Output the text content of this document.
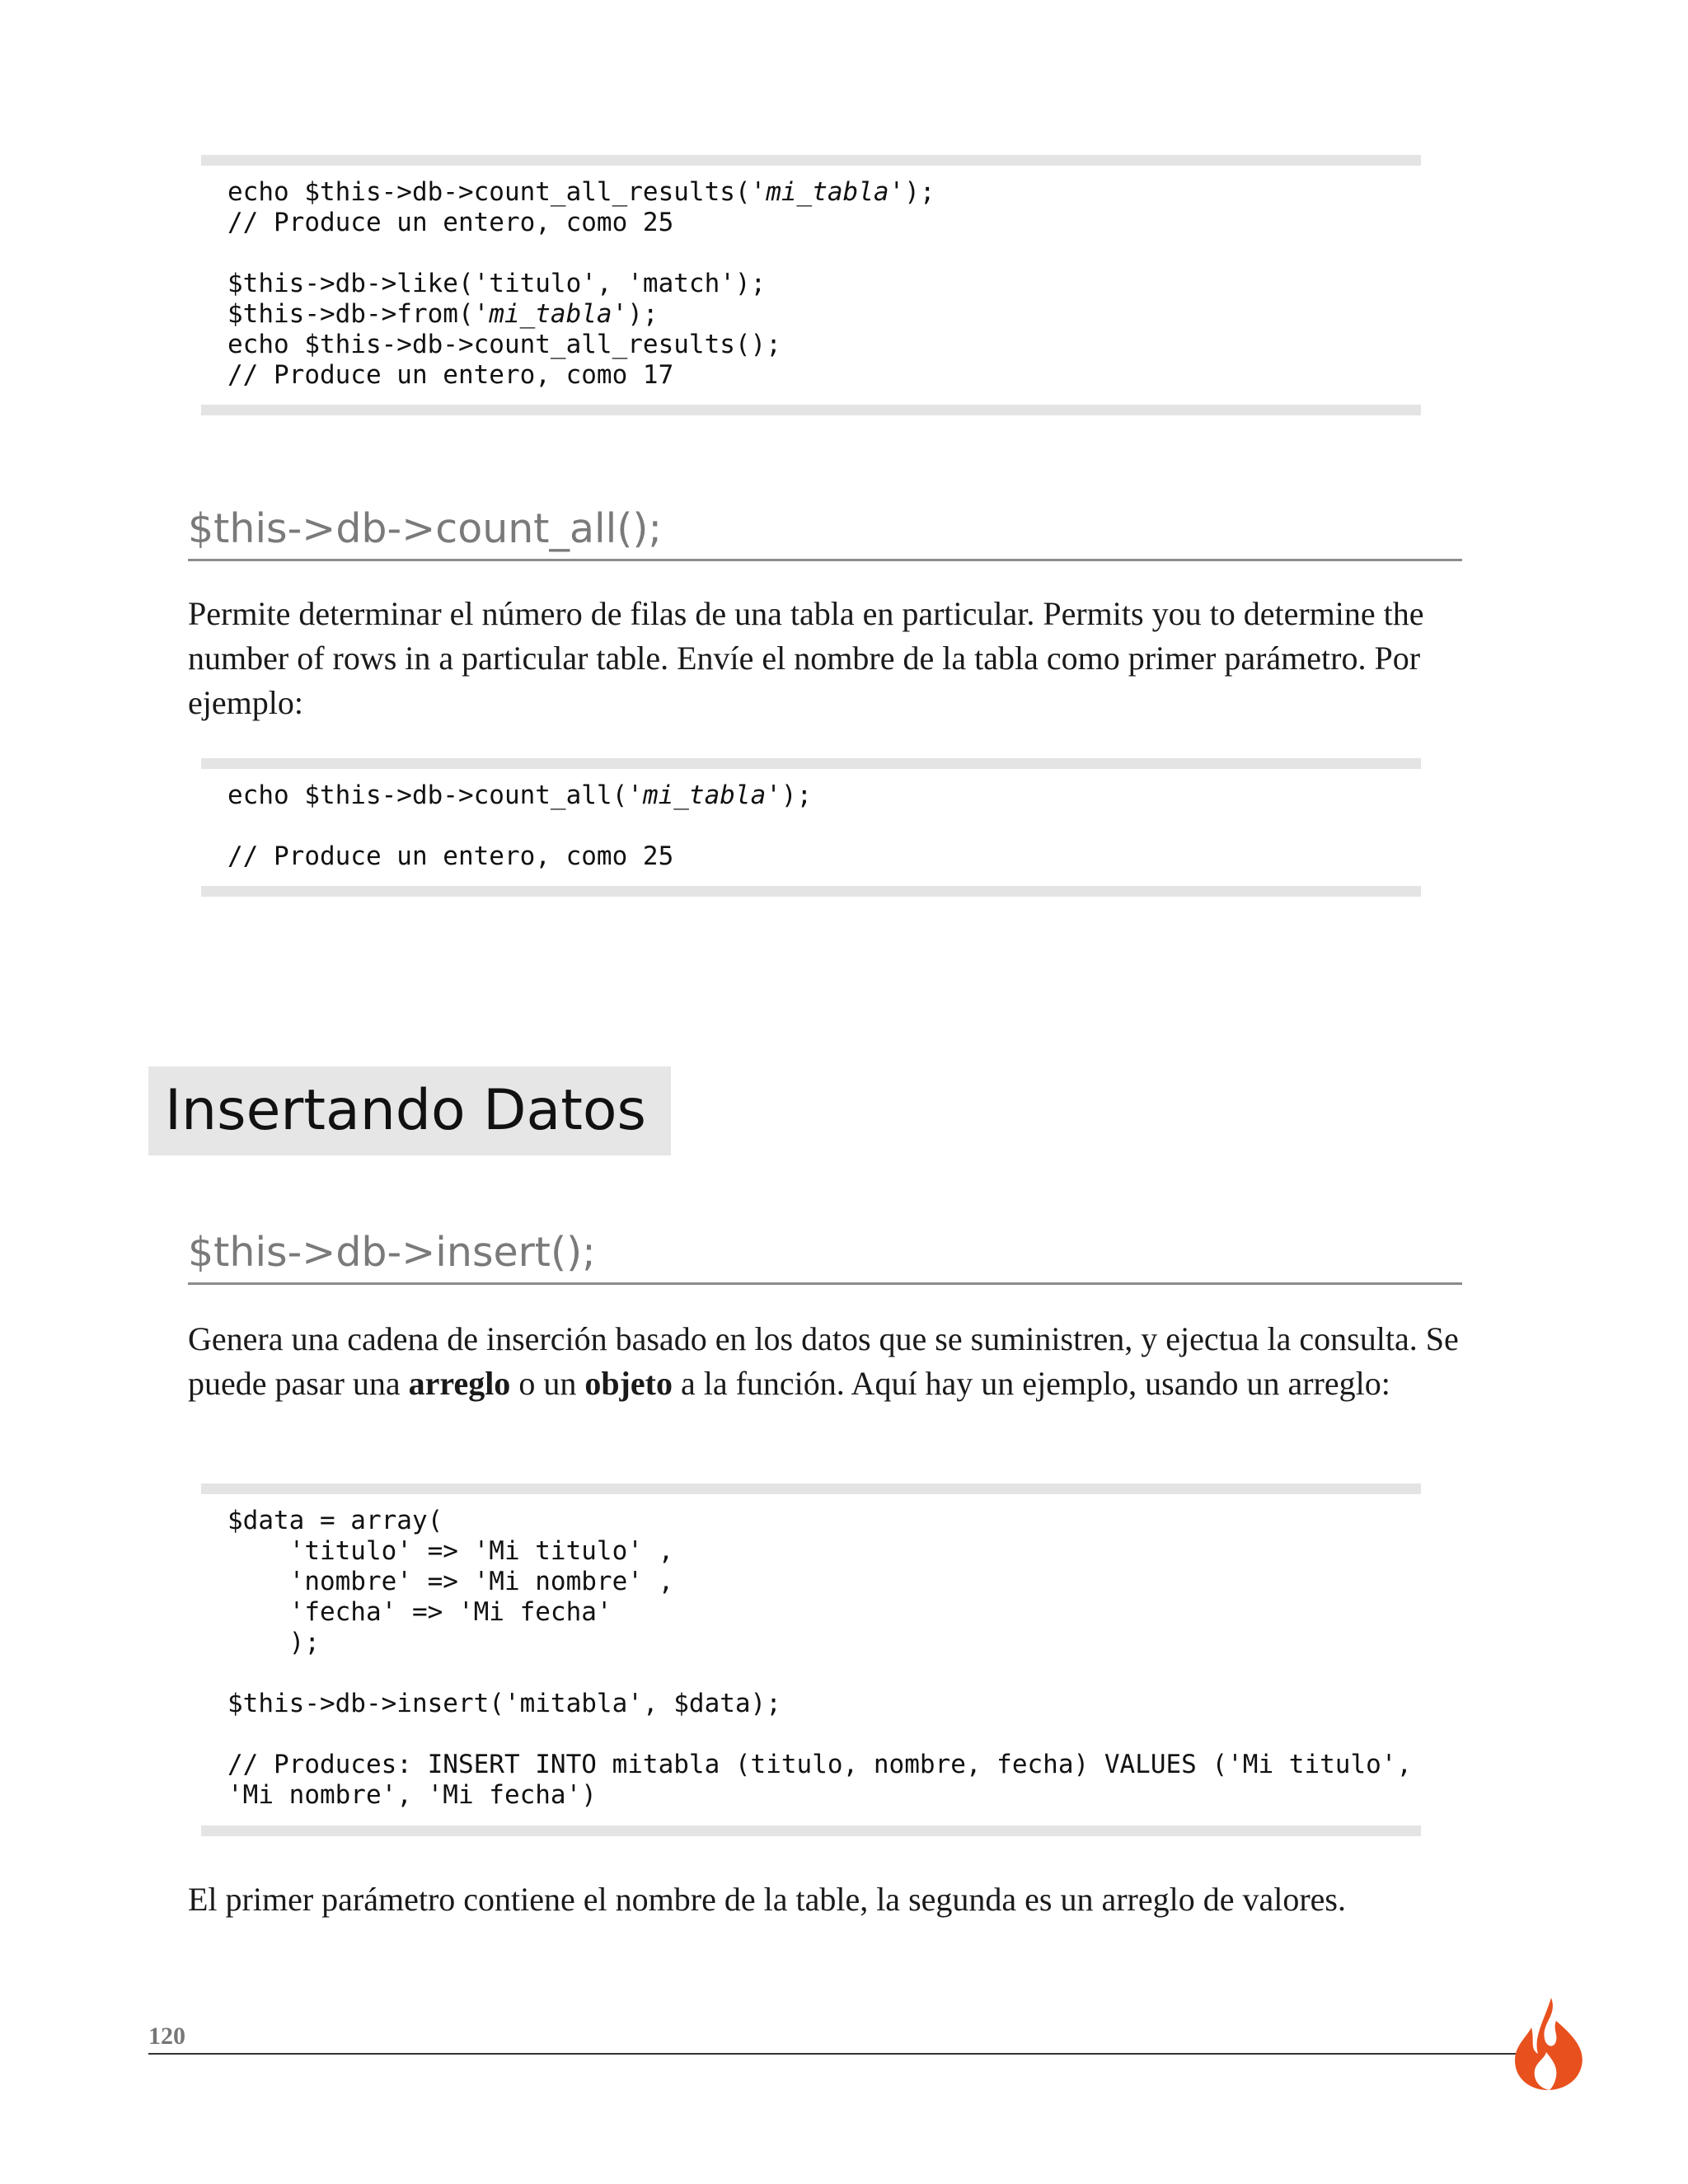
echo $this->db->count_all_results('mi_tabla');
// Produce un entero, como 25

$this->db->like('titulo', 'match');
$this->db->from('mi_tabla');
echo $this->db->count_all_results();
// Produce un entero, como 17
$this->db->count_all();

Permite determinar el número de filas de una tabla en particular. Permits you to determine the number of rows in a particular table. Envíe el nombre de la tabla como primer parámetro. Por ejemplo:

echo $this->db->count_all('mi_tabla');

// Produce un entero, como 25
Insertando Datos
$this->db->insert();

Genera una cadena de inserción basado en los datos que se suministren, y ejectua la consulta. Se puede pasar una arreglo o un objeto a la función. Aquí hay un ejemplo, usando un arreglo:

$data = array(
'titulo' => 'Mi titulo' ,
'nombre' => 'Mi nombre' ,
'fecha' => 'Mi fecha'
);

$this->db->insert('mitabla', $data);

// Produces: INSERT INTO mitabla (titulo, nombre, fecha) VALUES ('Mi titulo',
'Mi nombre', 'Mi fecha')

El primer parámetro contiene el nombre de la table, la segunda es un arreglo de valores.

120
